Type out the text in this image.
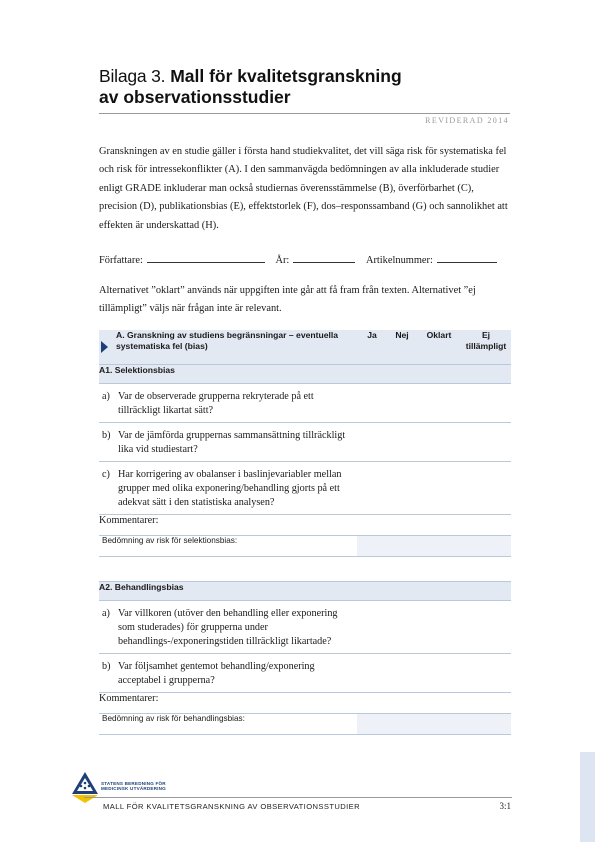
Bilaga 3. Mall för kvalitetsgranskning
av observationsstudier
REVIDERAD 2014

Granskningen av en studie gäller i första hand studiekvalitet, det vill säga risk för systematiska fel och risk för intressekonflikter (A). I den sammanvägda bedömningen av alla inkluderade studier enligt GRADE inkluderar man också studiernas överensstämmelse (B), överförbarhet (C), precision (D), publikationsbias (E), effektstorlek (F), dos–responssamband (G) och sannolikhet att effekten är underskattad (H).

Författare:	År:	Artikelnummer:

Alternativet ”oklart” används när uppgiften inte går att få fram från texten. Alternativet ”ej tillämpligt” väljs när frågan inte är relevant.

A. Granskning av studiens begränsningar – eventuella systematiska fel (bias)	Ja	Nej	Oklart	Ej tillämpligt
A1. Selektionsbias				
a) Var de observerade grupperna rekryterade på ett tillräckligt likartat sätt?				
b) Var de jämförda gruppernas sammansättning tillräckligt lika vid studiestart?				
c) Har korrigering av obalanser i baslinjevariabler mellan grupper med olika exponering/behandling gjorts på ett adekvat sätt i den statistiska analysen?				
Kommentarer:				
Bedömning av risk för selektionsbias:				

A2. Behandlingsbias				
a) Var villkoren (utöver den behandling eller exponering som studerades) för grupperna under behandlings-/exponeringstiden tillräckligt likartade?				
b) Var följsamhet gentemot behandling/exponering acceptabel i grupperna?				
Kommentarer:				
Bedömning av risk för behandlingsbias:				
STATENS BEREDNING FÖR
MEDICINSK UTVÄRDERING
MALL FÖR KVALITETSGRANSKNING AV OBSERVATIONSSTUDIER	3:1
